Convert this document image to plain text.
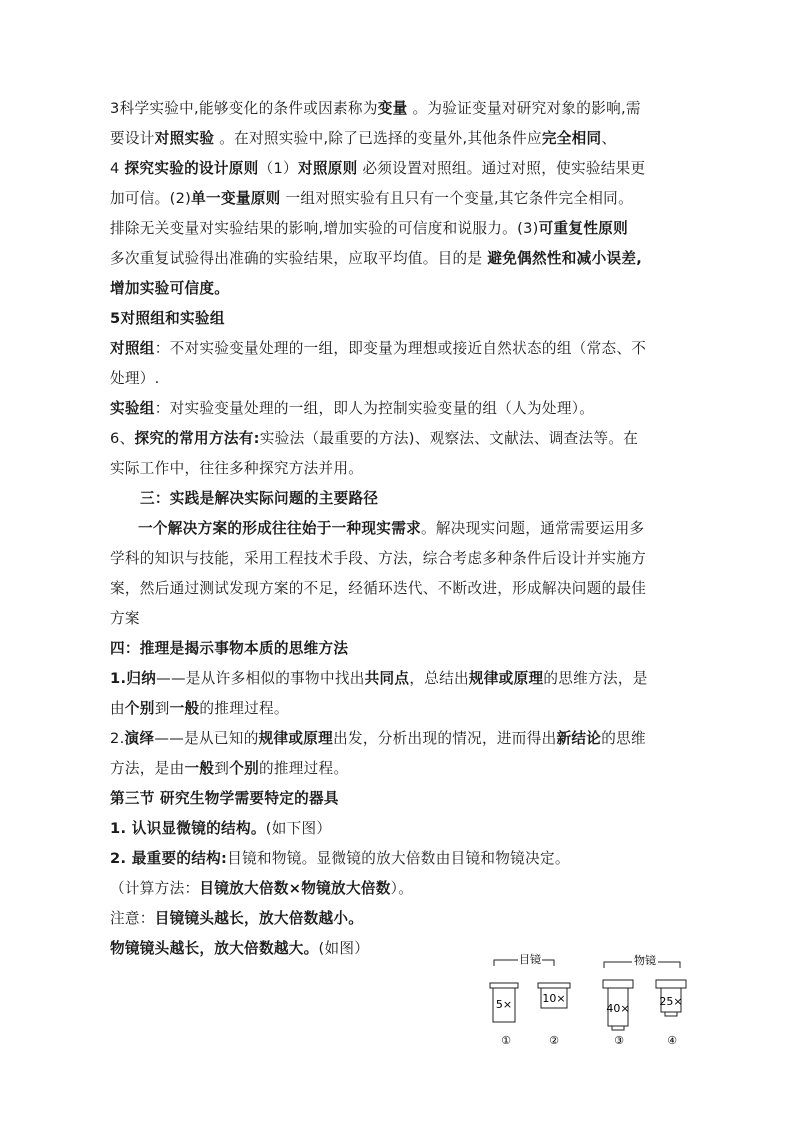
3科学实验中,能够变化的条件或因素称为变量 。为验证变量对研究对象的影响,需

要设计对照实验 。在对照实验中,除了已选择的变量外,其他条件应完全相同、

4 探究实验的设计原则（1）对照原则 必须设置对照组。通过对照，使实验结果更

加可信。(2)单一变量原则 一组对照实验有且只有一个变量,其它条件完全相同。

排除无关变量对实验结果的影响,增加实验的可信度和说服力。(3)可重复性原则

多次重复试验得出准确的实验结果，应取平均值。目的是 避免偶然性和减小误差,

增加实验可信度。

5对照组和实验组

对照组：不对实验变量处理的一组，即变量为理想或接近自然状态的组（常态、不

处理）.

实验组：对实验变量处理的一组，即人为控制实验变量的组（人为处理）。

6、探究的常用方法有:实验法（最重要的方法)、观察法、文献法、调查法等。在

实际工作中，往往多种探究方法并用。

三：实践是解决实际问题的主要路径

一个解决方案的形成往往始于一种现实需求。解决现实问题，通常需要运用多

学科的知识与技能，采用工程技术手段、方法，综合考虑多种条件后设计并实施方

案，然后通过测试发现方案的不足，经循环迭代、不断改进，形成解决问题的最佳

方案

四：推理是揭示事物本质的思维方法

1.归纳——是从许多相似的事物中找出共同点，总结出规律或原理的思维方法，是

由个别到一般的推理过程。

2.演绎——是从已知的规律或原理出发，分析出现的情况，进而得出新结论的思维

方法，是由一般到个别的推理过程。

第三节 研究生物学需要特定的器具

1. 认识显微镜的结构。(如下图）

2. 最重要的结构:目镜和物镜。显微镜的放大倍数由目镜和物镜决定。

（计算方法：目镜放大倍数×物镜放大倍数）。

注意：目镜镜头越长，放大倍数越小。

物镜镜头越长，放大倍数越大。(如图）

目镜	物镜
5×	10×
40×
25×
①	②	③	④
